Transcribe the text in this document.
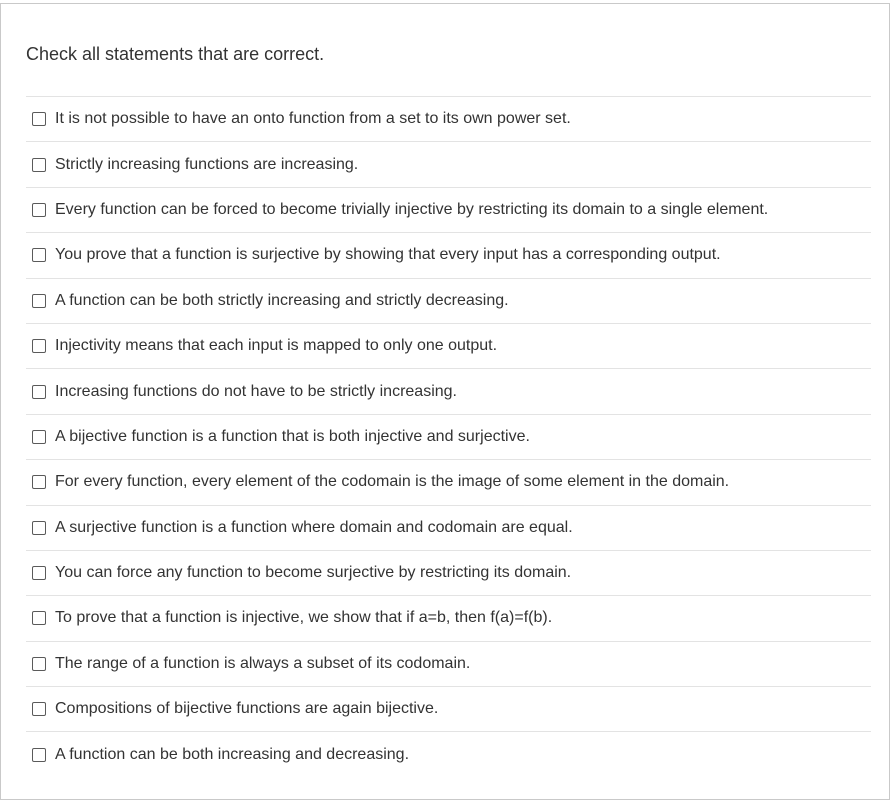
Check all statements that are correct.
It is not possible to have an onto function from a set to its own power set.
Strictly increasing functions are increasing.
Every function can be forced to become trivially injective by restricting its domain to a single element.
You prove that a function is surjective by showing that every input has a corresponding output.
A function can be both strictly increasing and strictly decreasing.
Injectivity means that each input is mapped to only one output.
Increasing functions do not have to be strictly increasing.
A bijective function is a function that is both injective and surjective.
For every function, every element of the codomain is the image of some element in the domain.
A surjective function is a function where domain and codomain are equal.
You can force any function to become surjective by restricting its domain.
To prove that a function is injective, we show that if a=b, then f(a)=f(b).
The range of a function is always a subset of its codomain.
Compositions of bijective functions are again bijective.
A function can be both increasing and decreasing.
